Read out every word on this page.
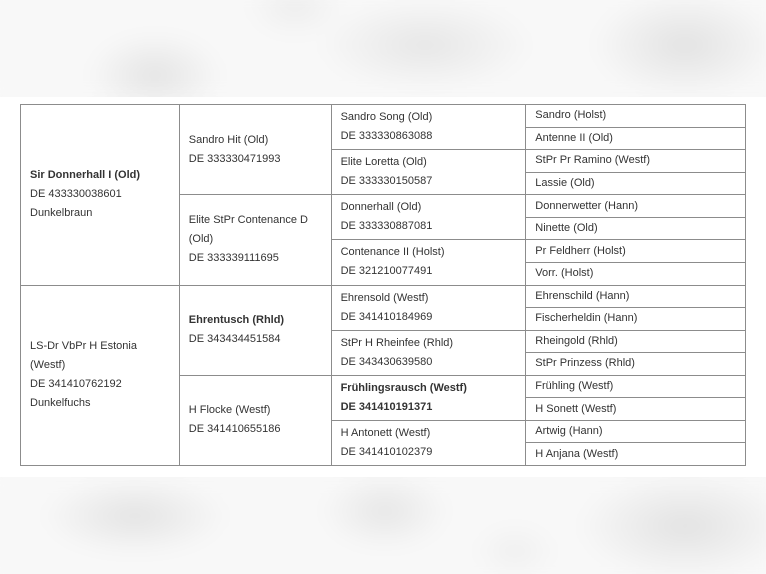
Sir Donnerhall I (Old)
DE 433330038601
Dunkelbraun
LS-Dr VbPr H Estonia (Westf)
DE 341410762192
Dunkelfuchs
Sandro Hit (Old)
DE 333330471993
Elite StPr Contenance D (Old)
DE 333339111695
Ehrentusch (Rhld)
DE 343434451584
H Flocke (Westf)
DE 341410655186
Sandro Song (Old)
DE 333330863088
Elite Loretta (Old)
DE 333330150587
Donnerhall (Old)
DE 333330887081
Contenance II (Holst)
DE 321210077491
Ehrensold (Westf)
DE 341410184969
StPr H Rheinfee (Rhld)
DE 343430639580
Frühlingsrausch (Westf)
DE 341410191371
H Antonett (Westf)
DE 341410102379
Sandro (Holst)
Antenne II (Old)
StPr Pr Ramino (Westf)
Lassie (Old)
Donnerwetter (Hann)
Ninette (Old)
Pr Feldherr (Holst)
Vorr. (Holst)
Ehrenschild (Hann)
Fischerheldin (Hann)
Rheingold (Rhld)
StPr Prinzess (Rhld)
Frühling (Westf)
H Sonett (Westf)
Artwig (Hann)
H Anjana (Westf)
